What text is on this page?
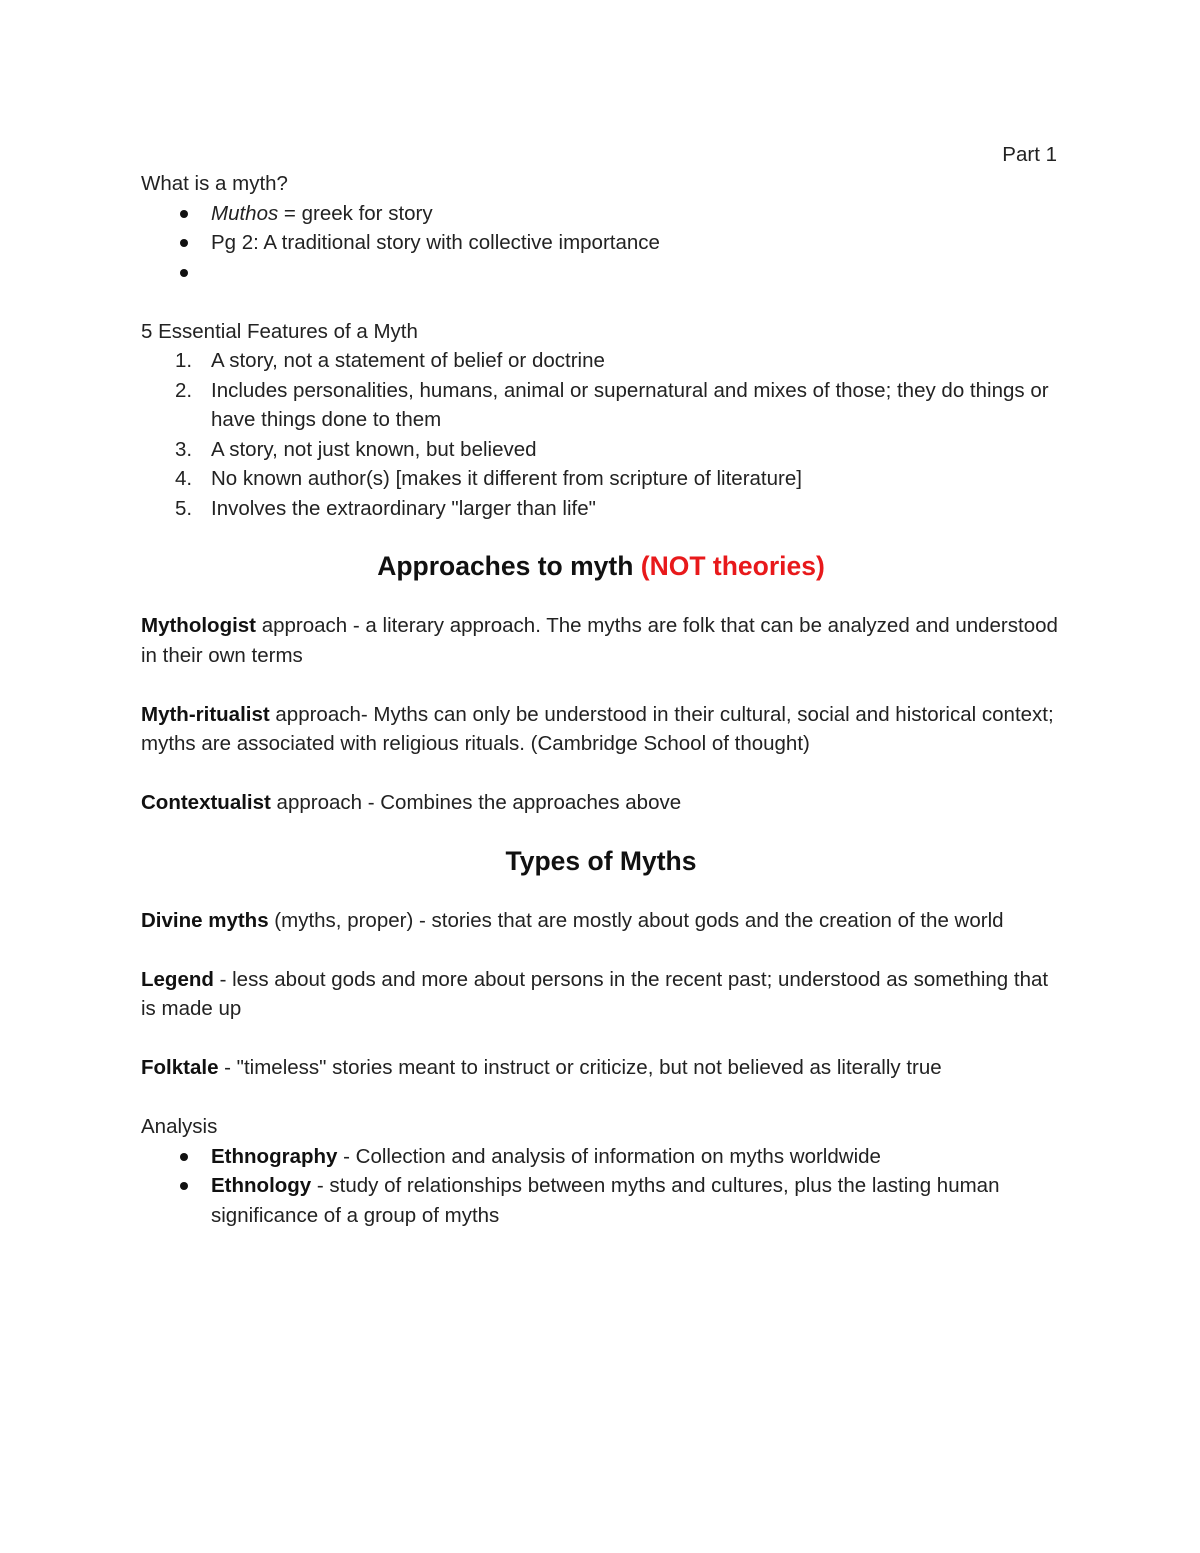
Part 1

What is a myth?

Muthos = greek for story
Pg 2: A traditional story with collective importance

5 Essential Features of a Myth

1. A story, not a statement of belief or doctrine
2. Includes personalities, humans, animal or supernatural and mixes of those; they do things or have things done to them
3. A story, not just known, but believed
4. No known author(s) [makes it different from scripture of literature]
5. Involves the extraordinary "larger than life"
Approaches to myth (NOT theories)

Mythologist approach - a literary approach. The myths are folk that can be analyzed and understood in their own terms

Myth-ritualist approach- Myths can only be understood in their cultural, social and historical context; myths are associated with religious rituals. (Cambridge School of thought)

Contextualist approach - Combines the approaches above

Types of Myths

Divine myths (myths, proper) - stories that are mostly about gods and the creation of the world

Legend - less about gods and more about persons in the recent past; understood as something that is made up

Folktale - "timeless" stories meant to instruct or criticize, but not believed as literally true

Analysis

Ethnography - Collection and analysis of information on myths worldwide
Ethnology - study of relationships between myths and cultures, plus the lasting human significance of a group of myths
